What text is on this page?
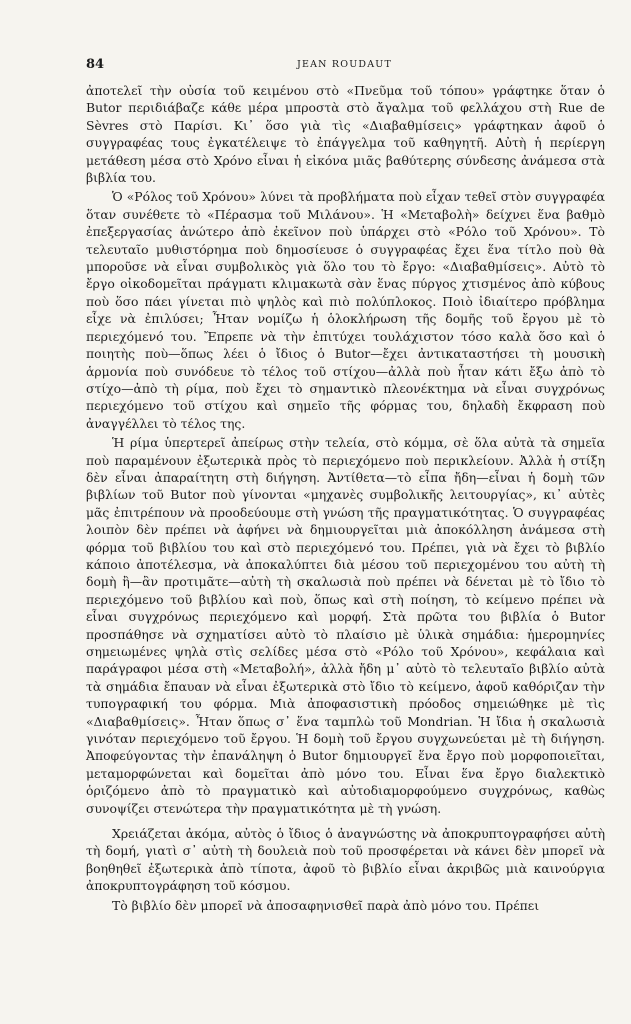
84	JEAN ROUDAUT

ἀποτελεῖ τὴν οὐσία τοῦ κειμένου στὸ «Πνεῦμα τοῦ τόπου» γράφτηκε ὅταν ὁ Butor περιδιάβαζε κάθε μέρα μπροστὰ στὸ ἄγαλμα τοῦ φελλάχου στὴ Rue de Sèvres στὸ Παρίσι. Κι᾿ ὅσο γιὰ τὶς «Διαβαθμίσεις» γράφτηκαν ἀφοῦ ὁ συγγραφέας τους ἐγκατέλειψε τὸ ἐπάγγελμα τοῦ καθηγητῆ. Αὐτὴ ἡ περίεργη μετάθεση μέσα στὸ Χρόνο εἶναι ἡ εἰκόνα μιᾶς βαθύτερης σύνδεσης ἀνάμεσα στὰ βιβλία του.

Ὁ «Ρόλος τοῦ Χρόνου» λύνει τὰ προβλήματα ποὺ εἶχαν τεθεῖ στὸν συγγραφέα ὅταν συνέθετε τὸ «Πέρασμα τοῦ Μιλάνου». Ἡ «Μεταβολὴ» δείχνει ἕνα βαθμὸ ἐπεξεργασίας ἀνώτερο ἀπὸ ἐκεῖνον ποὺ ὑπάρχει στὸ «Ρόλο τοῦ Χρόνου». Τὸ τελευταῖο μυθιστόρημα ποὺ δημοσίευσε ὁ συγγραφέας ἔχει ἕνα τίτλο ποὺ θὰ μποροῦσε νὰ εἶναι συμβολικὸς γιὰ ὅλο του τὸ ἔργο: «Διαβαθμίσεις». Αὐτὸ τὸ ἔργο οἰκοδομεῖται πράγματι κλιμακωτὰ σὰν ἕνας πύργος χτισμένος ἀπὸ κύβους ποὺ ὅσο πάει γίνεται πιὸ ψηλὸς καὶ πιὸ πολύπλοκος. Ποιὸ ἰδιαίτερο πρόβλημα εἶχε νὰ ἐπιλύσει; Ἦταν νομίζω ἡ ὁλοκλήρωση τῆς δομῆς τοῦ ἔργου μὲ τὸ περιεχόμενό του. Ἔπρεπε νὰ τὴν ἐπιτύχει τουλάχιστον τόσο καλὰ ὅσο καὶ ὁ ποιητὴς ποὺ—ὅπως λέει ὁ ἴδιος ὁ Butor—ἔχει ἀντικαταστήσει τὴ μουσικὴ ἁρμονία ποὺ συνόδευε τὸ τέλος τοῦ στίχου—ἀλλὰ ποὺ ἦταν κάτι ἔξω ἀπὸ τὸ στίχο—ἀπὸ τὴ ρίμα, ποὺ ἔχει τὸ σημαντικὸ πλεονέκτημα νὰ εἶναι συγχρόνως περιεχόμενο τοῦ στίχου καὶ σημεῖο τῆς φόρμας του, δηλαδὴ ἔκφραση ποὺ ἀναγγέλλει τὸ τέλος της.

Ἡ ρίμα ὑπερτερεῖ ἀπείρως στὴν τελεία, στὸ κόμμα, σὲ ὅλα αὐτὰ τὰ σημεῖα ποὺ παραμένουν ἐξωτερικὰ πρὸς τὸ περιεχόμενο ποὺ περικλείουν. Ἀλλὰ ἡ στίξη δὲν εἶναι ἀπαραίτητη στὴ διήγηση. Ἀντίθετα—τὸ εἶπα ἤδη—εἶναι ἡ δομὴ τῶν βιβλίων τοῦ Butor ποὺ γίνονται «μηχανὲς συμβολικῆς λειτουργίας», κι᾿ αὐτὲς μᾶς ἐπιτρέπουν νὰ προοδεύουμε στὴ γνώση τῆς πραγματικότητας. Ὁ συγγραφέας λοιπὸν δὲν πρέπει νὰ ἀφήνει νὰ δημιουργεῖται μιὰ ἀποκόλληση ἀνάμεσα στὴ φόρμα τοῦ βιβλίου του καὶ στὸ περιεχόμενό του. Πρέπει, γιὰ νὰ ἔχει τὸ βιβλίο κάποιο ἀποτέλεσμα, νὰ ἀποκαλύπτει διὰ μέσου τοῦ περιεχομένου του αὐτὴ τὴ δομὴ ἢ—ἂν προτιμᾶτε—αὐτὴ τὴ σκαλωσιὰ ποὺ πρέπει νὰ δένεται μὲ τὸ ἴδιο τὸ περιεχόμενο τοῦ βιβλίου καὶ ποὺ, ὅπως καὶ στὴ ποίηση, τὸ κείμενο πρέπει νὰ εἶναι συγχρόνως περιεχόμενο καὶ μορφή. Στὰ πρῶτα του βιβλία ὁ Butor προσπάθησε νὰ σχηματίσει αὐτὸ τὸ πλαίσιο μὲ ὑλικὰ σημάδια: ἡμερομηνίες σημειωμένες ψηλὰ στὶς σελίδες μέσα στὸ «Ρόλο τοῦ Χρόνου», κεφάλαια καὶ παράγραφοι μέσα στὴ «Μεταβολή», ἀλλὰ ἤδη μ᾿ αὐτὸ τὸ τελευταῖο βιβλίο αὐτὰ τὰ σημάδια ἔπαυαν νὰ εἶναι ἐξωτερικὰ στὸ ἴδιο τὸ κείμενο, ἀφοῦ καθόριζαν τὴν τυπογραφική του φόρμα. Μιὰ ἀποφασιστικὴ πρόοδος σημειώθηκε μὲ τὶς «Διαβαθμίσεις». Ἦταν ὅπως σ᾿ ἕνα ταμπλὼ τοῦ Mondrian. Ἡ ἴδια ἡ σκαλωσιὰ γινόταν περιεχόμενο τοῦ ἔργου. Ἡ δομὴ τοῦ ἔργου συγχωνεύεται μὲ τὴ διήγηση. Ἀποφεύγοντας τὴν ἐπανάληψη ὁ Butor δημιουργεῖ ἕνα ἔργο ποὺ μορφοποιεῖται, μεταμορφώνεται καὶ δομεῖται ἀπὸ μόνο του. Εἶναι ἕνα ἔργο διαλεκτικὸ ὁριζόμενο ἀπὸ τὸ πραγματικὸ καὶ αὐτοδιαμορφούμενο συγχρόνως, καθὼς συνοψίζει στενώτερα τὴν πραγματικότητα μὲ τὴ γνώση.

Χρειάζεται ἀκόμα, αὐτὸς ὁ ἴδιος ὁ ἀναγνώστης νὰ ἀποκρυπτογραφήσει αὐτὴ τὴ δομή, γιατὶ σ᾿ αὐτὴ τὴ δουλειὰ ποὺ τοῦ προσφέρεται νὰ κάνει δὲν μπορεῖ νὰ βοηθηθεῖ ἐξωτερικὰ ἀπὸ τίποτα, ἀφοῦ τὸ βιβλίο εἶναι ἀκριβῶς μιὰ καινούργια ἀποκρυπτογράφηση τοῦ κόσμου.

Τὸ βιβλίο δὲν μπορεῖ νὰ ἀποσαφηνισθεῖ παρὰ ἀπὸ μόνο του. Πρέπει
